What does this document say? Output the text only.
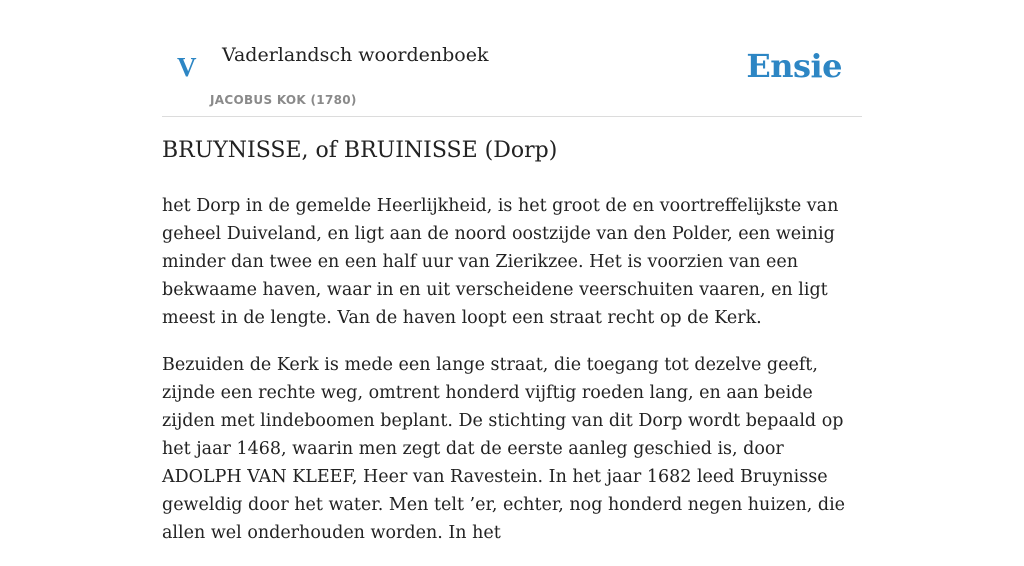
V Vaderlandsch woordenboek
JACOBUS KOK (1780)
Ensie
BRUYNISSE, of BRUINISSE (Dorp)

het Dorp in de gemelde Heerlijkheid, is het groot de en voortreffelijkste van geheel Duiveland, en ligt aan de noord oostzijde van den Polder, een weinig minder dan twee en een half uur van Zierikzee. Het is voorzien van een bekwaame haven, waar in en uit verscheidene veerschuiten vaaren, en ligt meest in de lengte. Van de haven loopt een straat recht op de Kerk.

Bezuiden de Kerk is mede een lange straat, die toegang tot dezelve geeft, zijnde een rechte weg, omtrent honderd vijftig roeden lang, en aan beide zijden met lindeboomen beplant. De stichting van dit Dorp wordt bepaald op het jaar 1468, waarin men zegt dat de eerste aanleg geschied is, door ADOLPH VAN KLEEF, Heer van Ravestein. In het jaar 1682 leed Bruynisse geweldig door het water. Men telt ’er, echter, nog honderd negen huizen, die allen wel onderhouden worden. In het
